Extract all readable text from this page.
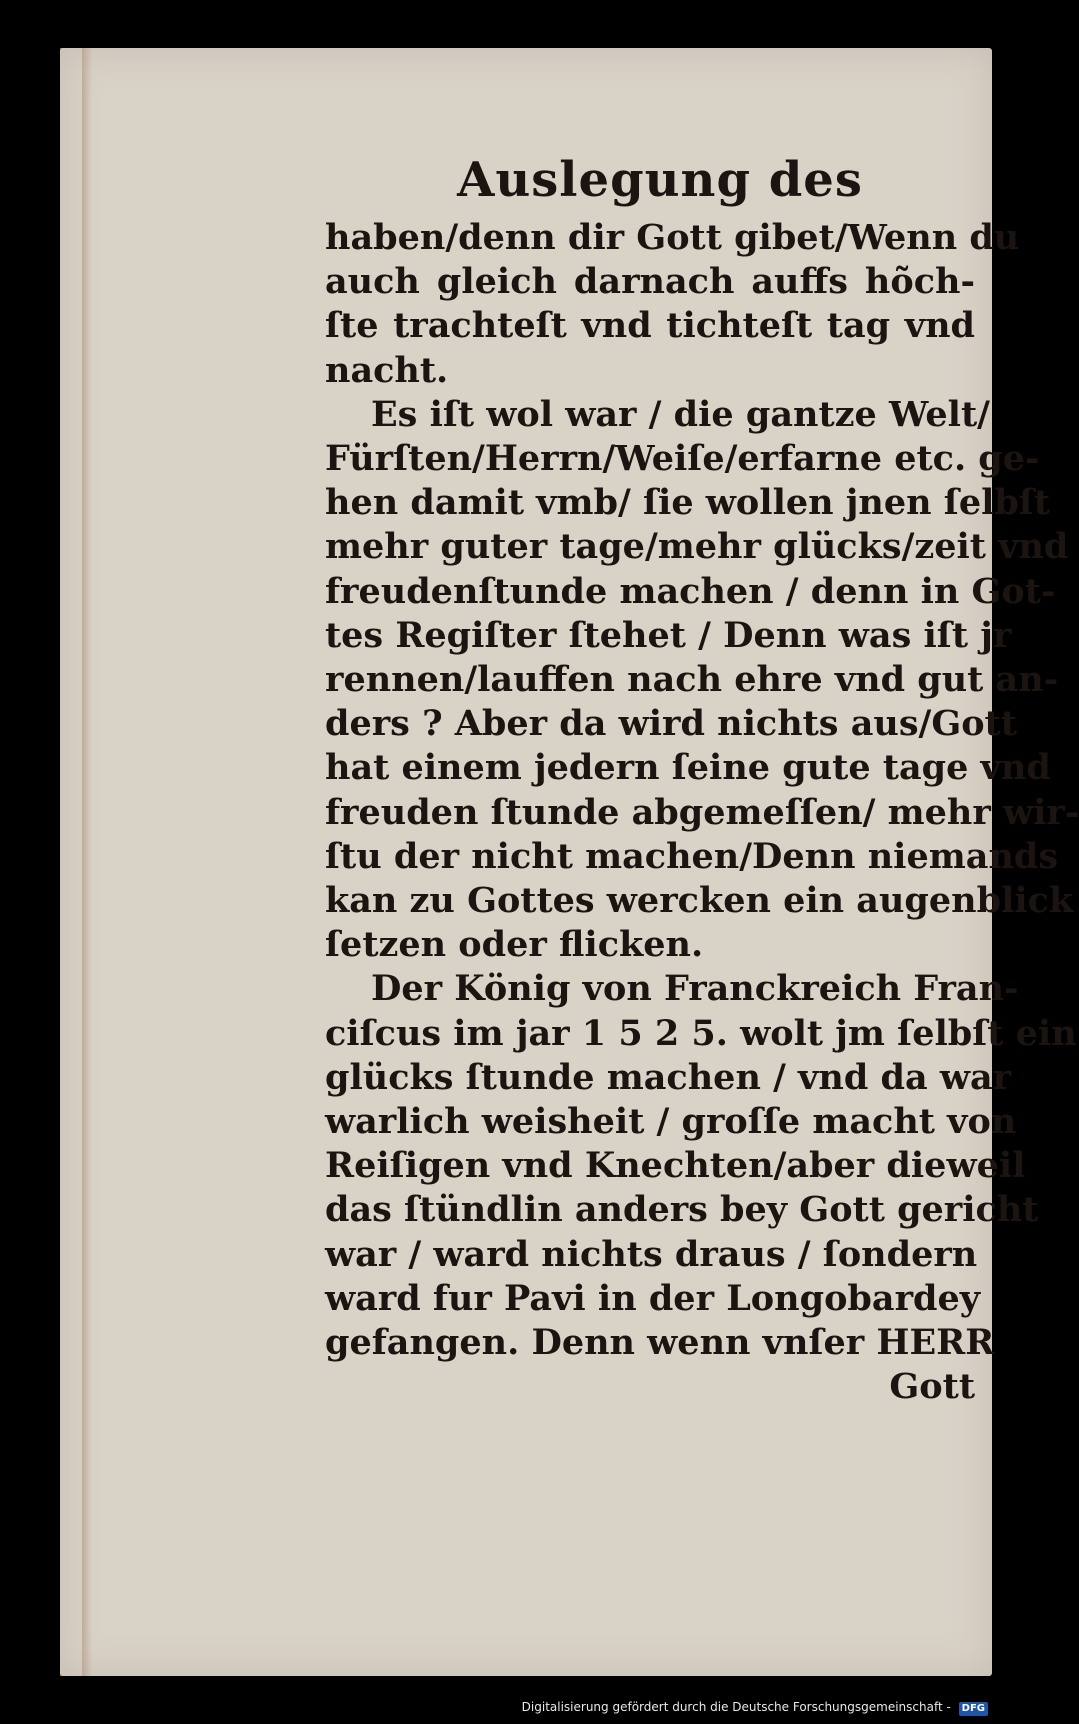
Auslegung des
haben/denn dir Gott gibet/Wenn du
auch gleich darnach auffs hõch-
ſte trachteſt vnd tichteſt tag vnd
nacht.
Es iſt wol war / die gantze Welt/
Fürſten/Herrn/Weiſe/erfarne etc. ge-
hen damit vmb/ ſie wollen jnen ſelbſt
mehr guter tage/mehr glücks/zeit vnd
freudenſtunde machen / denn in Got-
tes Regiſter ſtehet / Denn was iſt jr
rennen/lauffen nach ehre vnd gut an-
ders ? Aber da wird nichts aus/Gott
hat einem jedern ſeine gute tage vnd
freuden ſtunde abgemeſſen/ mehr wir-
ſtu der nicht machen/Denn niemands
kan zu Gottes wercken ein augenblick
ſetzen oder flicken.
Der König von Franckreich Fran-
ciſcus im jar 1 5 2 5. wolt jm ſelbſt ein
glücks ſtunde machen / vnd da war
warlich weisheit / groſſe macht von
Reiſigen vnd Knechten/aber dieweil
das ſtündlin anders bey Gott gericht
war / ward nichts draus / ſondern
ward fur Pavi in der Longobardey
gefangen. Denn wenn vnſer HERR
Gott
Digitalisierung gefördert durch die Deutsche Forschungsgemeinschaft - DFG
